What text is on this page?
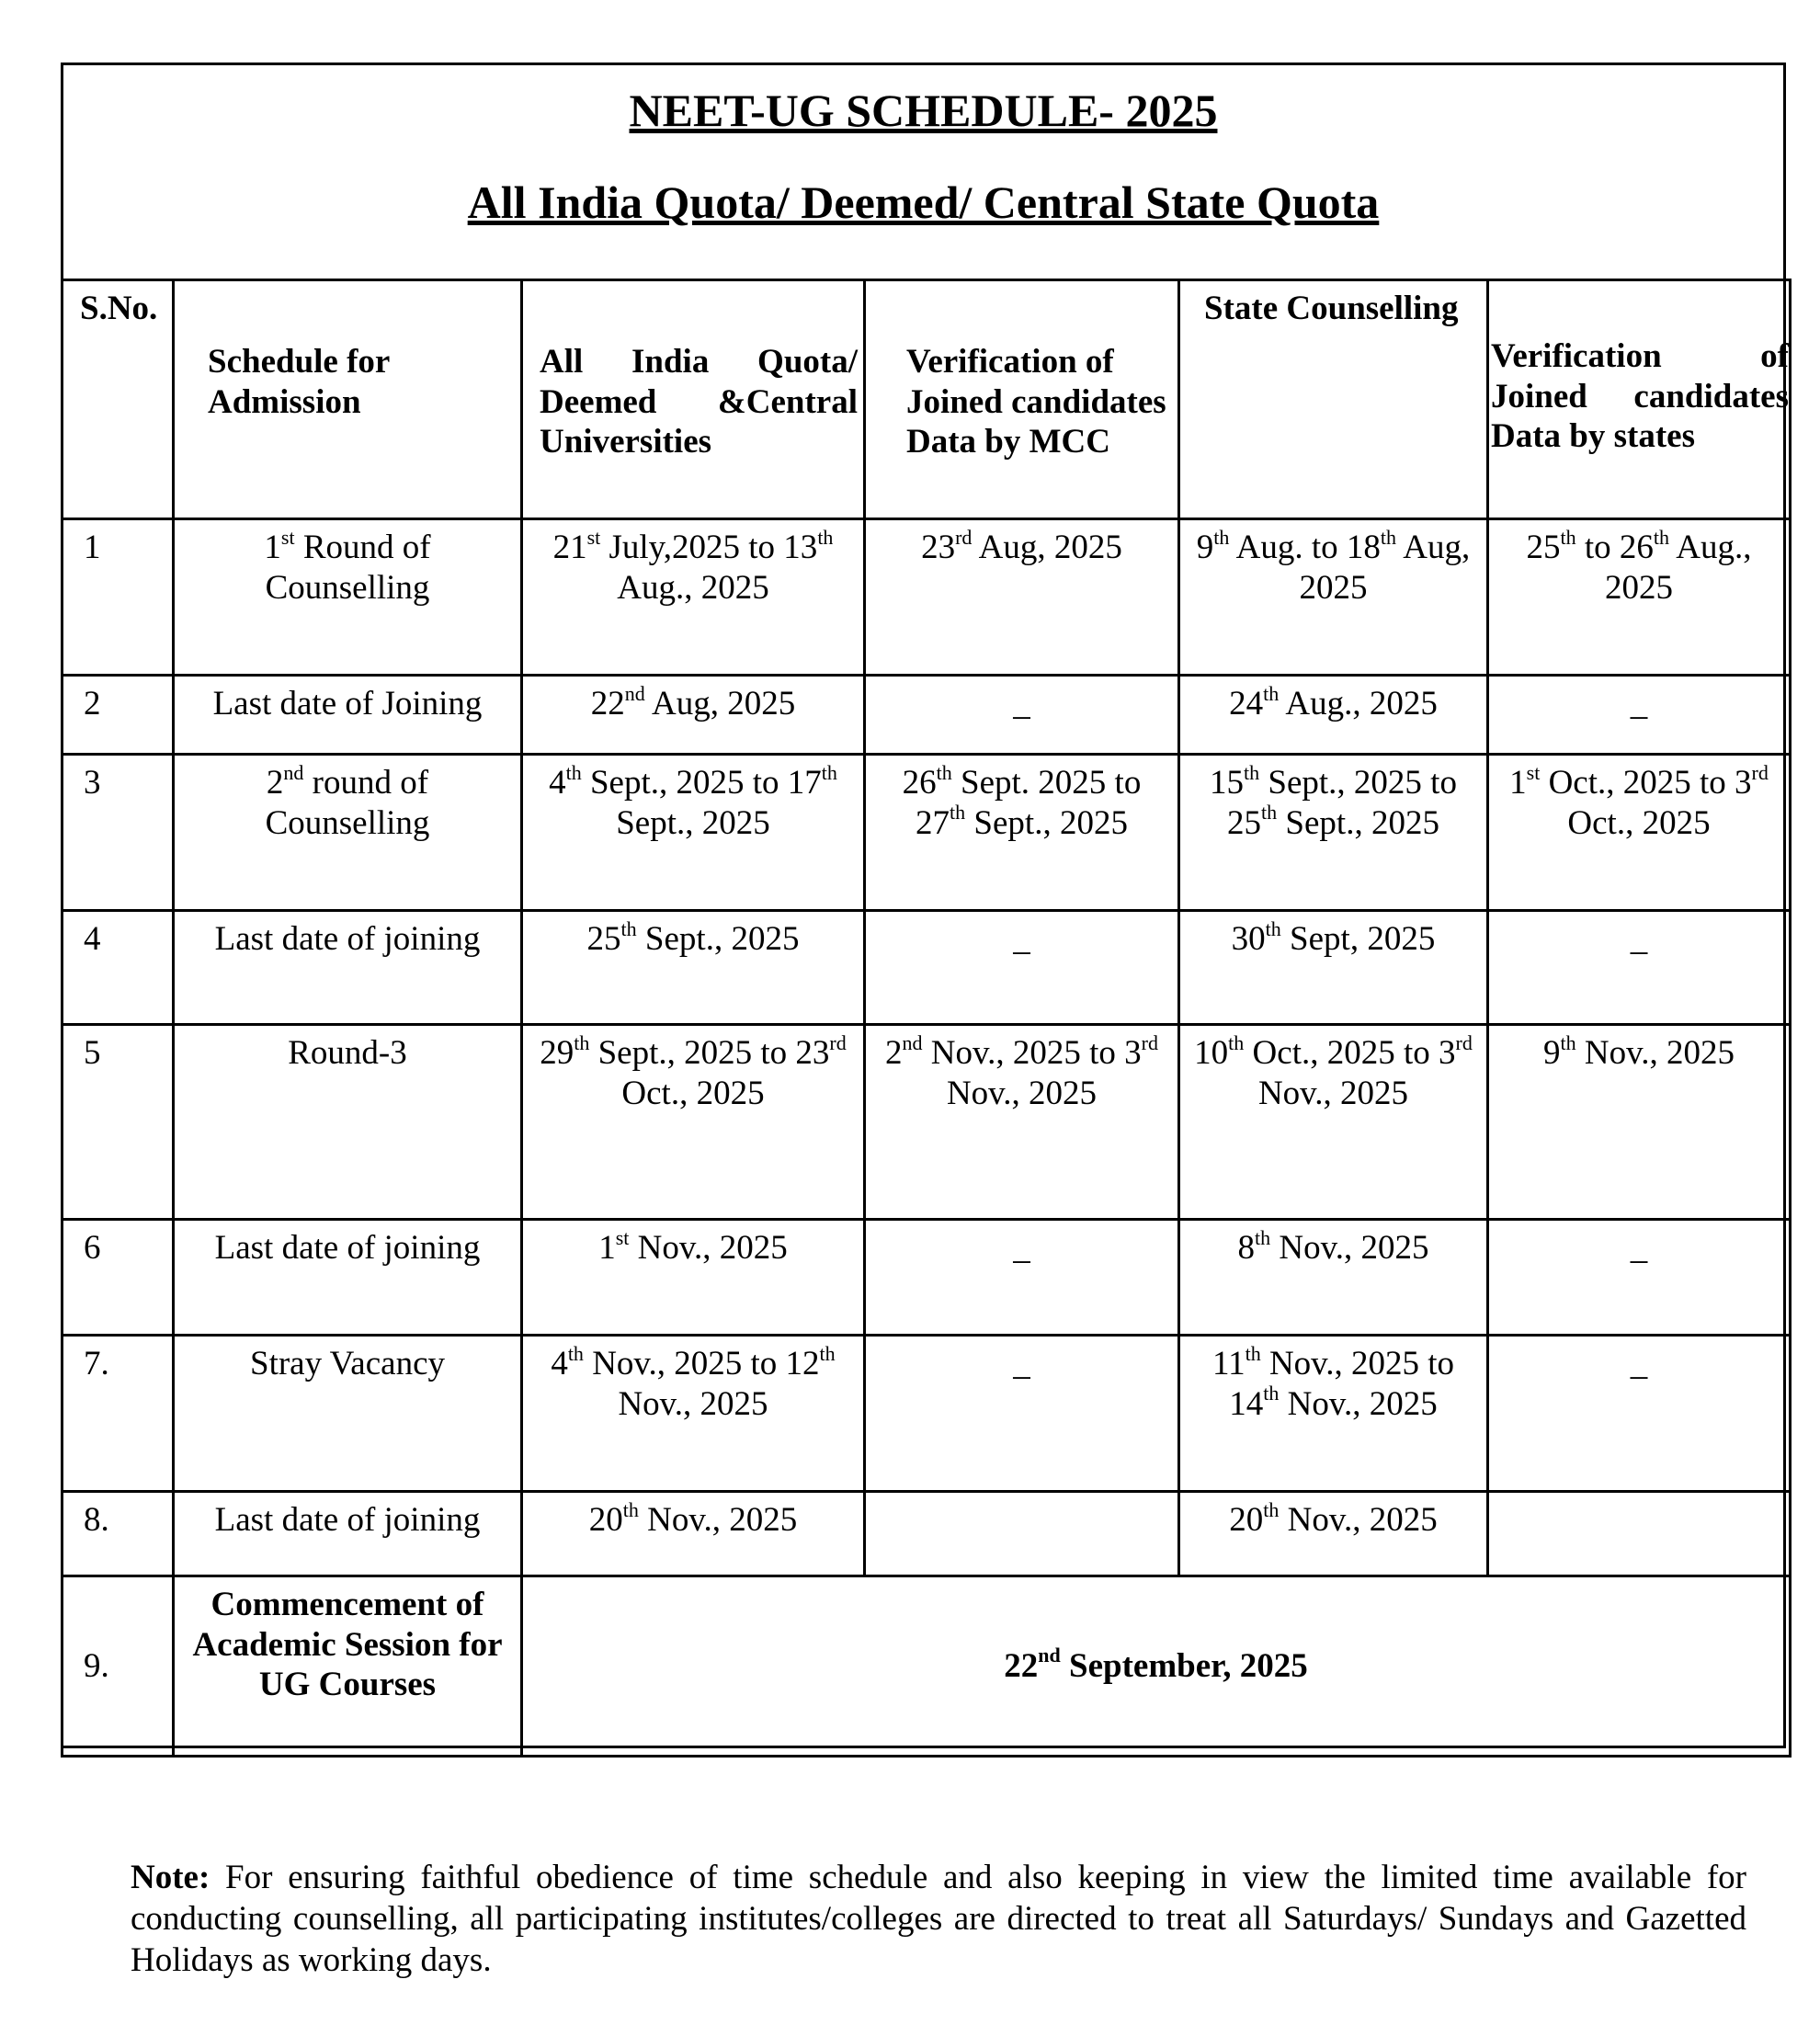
NEET-UG SCHEDULE- 2025
All India Quota/ Deemed/ Central State Quota
S.No.	Schedule for Admission	All India Quota/ Deemed &Central Universities	Verification of Joined candidates Data by MCC	State Counselling	Verification of Joined candidates Data by states
1	1st Round of Counselling	21st July,2025 to 13th Aug., 2025	23rd Aug, 2025	9th Aug. to 18th Aug, 2025	25th to 26th Aug., 2025
2	Last date of Joining	22nd Aug, 2025	_	24th Aug., 2025	_
3	2nd round of Counselling	4th Sept., 2025 to 17th Sept., 2025	26th Sept. 2025 to 27th Sept., 2025	15th Sept., 2025 to 25th Sept., 2025	1st Oct., 2025 to 3rd Oct., 2025
4	Last date of joining	25th Sept., 2025	_	30th Sept, 2025	_
5	Round-3	29th Sept., 2025 to 23rd Oct., 2025	2nd Nov., 2025 to 3rd Nov., 2025	10th Oct., 2025 to 3rd Nov., 2025	9th Nov., 2025
6	Last date of joining	1st Nov., 2025	_	8th Nov., 2025	_
7.	Stray Vacancy	4th Nov., 2025 to 12th Nov., 2025	_	11th Nov., 2025 to 14th Nov., 2025	_
8.	Last date of joining	20th Nov., 2025		20th Nov., 2025	
9.	Commencement of Academic Session for UG Courses	22nd September, 2025			

Note: For ensuring faithful obedience of time schedule and also keeping in view the limited time available for conducting counselling, all participating institutes/colleges are directed to treat all Saturdays/ Sundays and Gazetted Holidays as working days.
